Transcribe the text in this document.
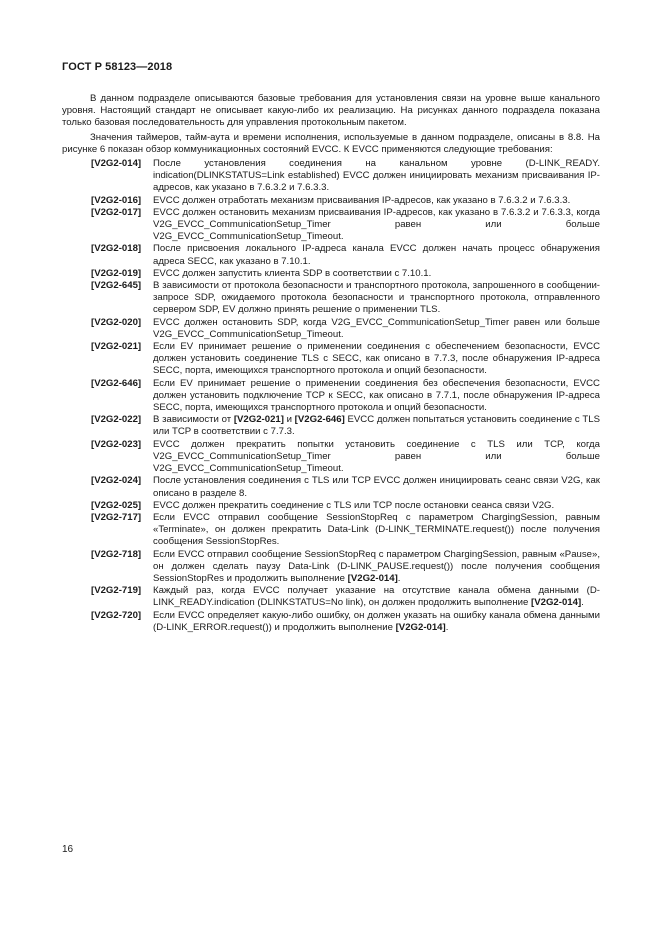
ГОСТ Р 58123—2018

В данном подразделе описываются базовые требования для установления связи на уровне выше канального уровня. Настоящий стандарт не описывает какую-либо их реализацию. На рисунках данного подраздела показана только базовая последовательность для управления протокольным пакетом.

Значения таймеров, тайм-аута и времени исполнения, используемые в данном подразделе, описаны в 8.8. На рисунке 6 показан обзор коммуникационных состояний EVCC. К EVCC применяются следующие требования:

[V2G2-014]	После установления соединения на канальном уровне (D-LINK_READY. indication(DLINKSTATUS=Link established) EVCC должен инициировать механизм присваивания IP-адресов, как указано в 7.6.3.2 и 7.6.3.3.
[V2G2-016]	EVCC должен отработать механизм присваивания IP-адресов, как указано в 7.6.3.2 и 7.6.3.3.
[V2G2-017]	EVCC должен остановить механизм присваивания IP-адресов, как указано в 7.6.3.2 и 7.6.3.3, когда V2G_EVCC_CommunicationSetup_Timer равен или больше V2G_EVCC_CommunicationSetup_Timeout.
[V2G2-018]	После присвоения локального IP-адреса канала EVCC должен начать процесс обнаружения адреса SECC, как указано в 7.10.1.
[V2G2-019]	EVCC должен запустить клиента SDP в соответствии с 7.10.1.
[V2G2-645]	В зависимости от протокола безопасности и транспортного протокола, запрошенного в сообщении-запросе SDP, ожидаемого протокола безопасности и транспортного протокола, отправленного сервером SDP, EV должно принять решение о применении TLS.
[V2G2-020]	EVCC должен остановить SDP, когда V2G_EVCC_CommunicationSetup_Timer равен или больше V2G_EVCC_CommunicationSetup_Timeout.
[V2G2-021]	Если EV принимает решение о применении соединения с обеспечением безопасности, EVCC должен установить соединение TLS с SECC, как описано в 7.7.3, после обнаружения IP-адреса SECC, порта, имеющихся транспортного протокола и опций безопасности.
[V2G2-646]	Если EV принимает решение о применении соединения без обеспечения безопасности, EVCC должен установить подключение TCP к SECC, как описано в 7.7.1, после обнаружения IP-адреса SECC, порта, имеющихся транспортного протокола и опций безопасности.
[V2G2-022]	В зависимости от [V2G2-021] и [V2G2-646] EVCC должен попытаться установить соединение с TLS или TCP в соответствии с 7.7.3.
[V2G2-023]	EVCC должен прекратить попытки установить соединение с TLS или TCP, когда V2G_EVCC_CommunicationSetup_Timer равен или больше V2G_EVCC_CommunicationSetup_Timeout.
[V2G2-024]	После установления соединения с TLS или TCP EVCC должен инициировать сеанс связи V2G, как описано в разделе 8.
[V2G2-025]	EVCC должен прекратить соединение с TLS или TCP после остановки сеанса связи V2G.
[V2G2-717]	Если EVCC отправил сообщение SessionStopReq с параметром ChargingSession, равным «Terminate», он должен прекратить Data-Link (D-LINK_TERMINATE.request()) после получения сообщения SessionStopRes.
[V2G2-718]	Если EVCC отправил сообщение SessionStopReq с параметром ChargingSession, равным «Pause», он должен сделать паузу Data-Link (D-LINK_PAUSE.request()) после получения сообщения SessionStopRes и продолжить выполнение [V2G2-014].
[V2G2-719]	Каждый раз, когда EVCC получает указание на отсутствие канала обмена данными (D-LINK_READY.indication (DLINKSTATUS=No link), он должен продолжить выполнение [V2G2-014].
[V2G2-720]	Если EVCC определяет какую-либо ошибку, он должен указать на ошибку канала обмена данными (D-LINK_ERROR.request()) и продолжить выполнение [V2G2-014].
16
